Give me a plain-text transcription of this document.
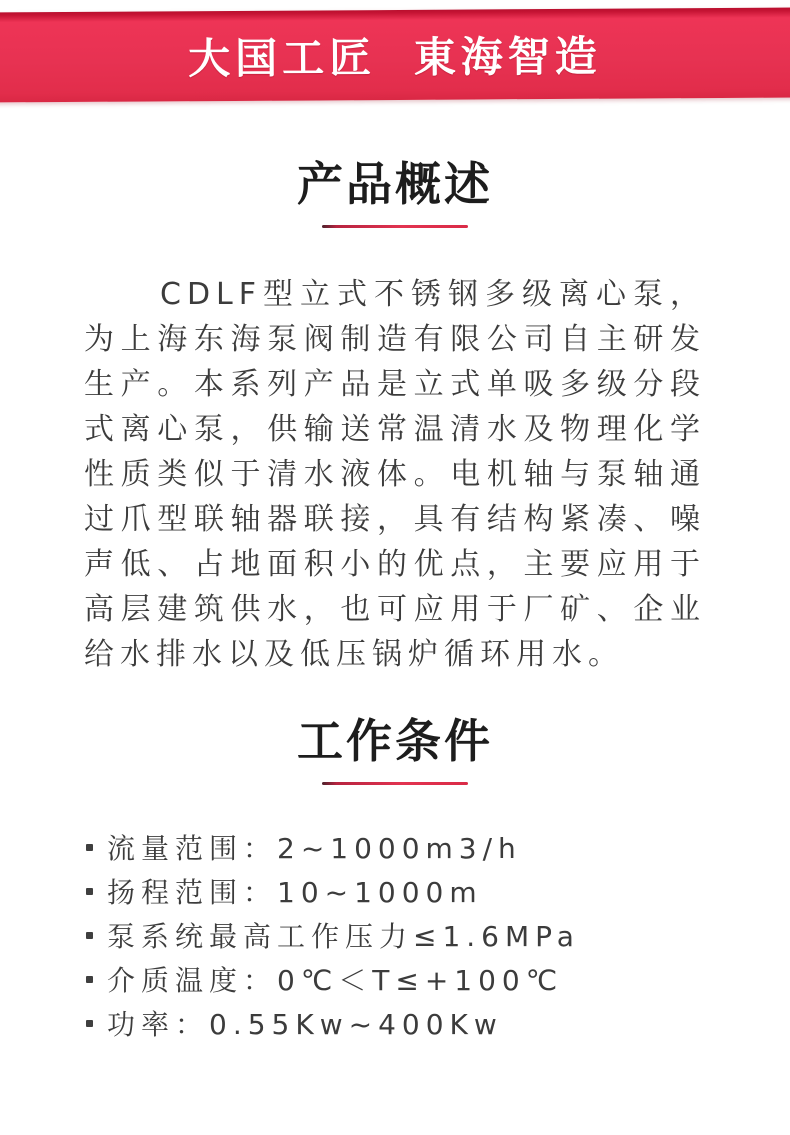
大国工匠 東海智造
产品概述

CDLF型立式不锈钢多级离心泵，为上海东海泵阀制造有限公司自主研发生产。本系列产品是立式单吸多级分段式离心泵，供输送常温清水及物理化学性质类似于清水液体。电机轴与泵轴通过爪型联轴器联接，具有结构紧凑、噪声低、占地面积小的优点，主要应用于高层建筑供水，也可应用于厂矿、企业给水排水以及低压锅炉循环用水。

工作条件
流量范围：2~1000m3/h
扬程范围：10~1000m
泵系统最高工作压力≤1.6MPa
介质温度：0℃＜T≤+100℃
功率：0.55Kw~400Kw
